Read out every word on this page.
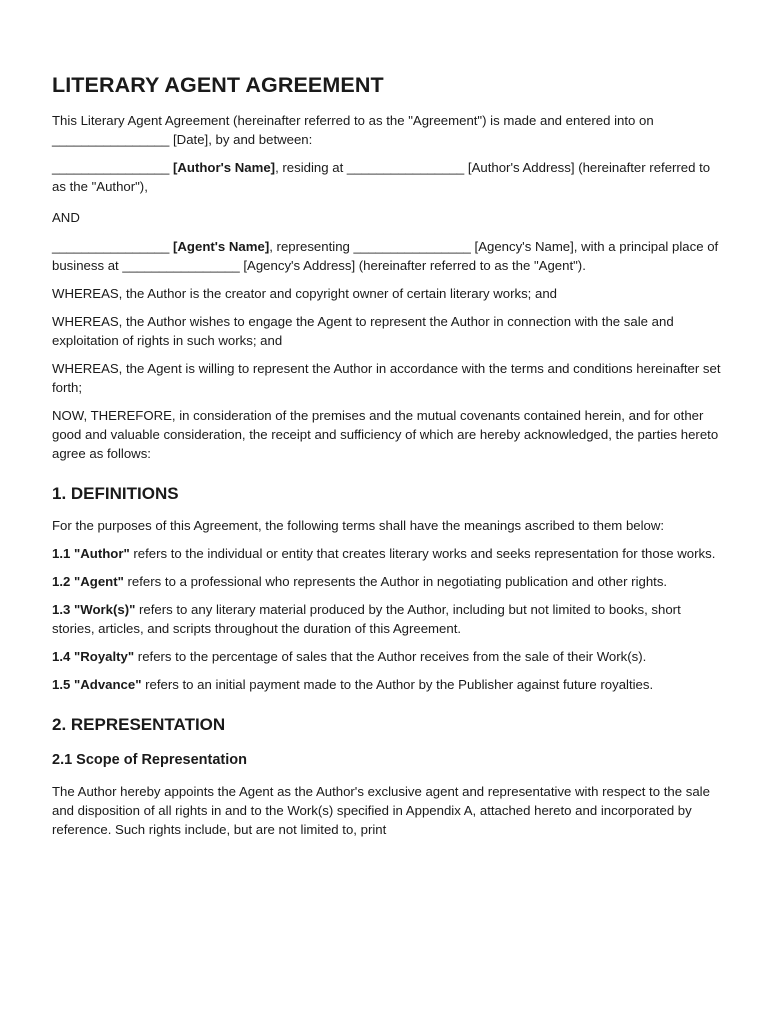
LITERARY AGENT AGREEMENT

This Literary Agent Agreement (hereinafter referred to as the "Agreement") is made and entered into on ________________ [Date], by and between:

________________ [Author's Name], residing at ________________ [Author's Address] (hereinafter referred to as the "Author"),

AND

________________ [Agent's Name], representing ________________ [Agency's Name], with a principal place of business at ________________ [Agency's Address] (hereinafter referred to as the "Agent").

WHEREAS, the Author is the creator and copyright owner of certain literary works; and

WHEREAS, the Author wishes to engage the Agent to represent the Author in connection with the sale and exploitation of rights in such works; and

WHEREAS, the Agent is willing to represent the Author in accordance with the terms and conditions hereinafter set forth;

NOW, THEREFORE, in consideration of the premises and the mutual covenants contained herein, and for other good and valuable consideration, the receipt and sufficiency of which are hereby acknowledged, the parties hereto agree as follows:

1. DEFINITIONS

For the purposes of this Agreement, the following terms shall have the meanings ascribed to them below:

1.1 "Author" refers to the individual or entity that creates literary works and seeks representation for those works.

1.2 "Agent" refers to a professional who represents the Author in negotiating publication and other rights.

1.3 "Work(s)" refers to any literary material produced by the Author, including but not limited to books, short stories, articles, and scripts throughout the duration of this Agreement.

1.4 "Royalty" refers to the percentage of sales that the Author receives from the sale of their Work(s).

1.5 "Advance" refers to an initial payment made to the Author by the Publisher against future royalties.

2. REPRESENTATION
2.1 Scope of Representation

The Author hereby appoints the Agent as the Author's exclusive agent and representative with respect to the sale and disposition of all rights in and to the Work(s) specified in Appendix A, attached hereto and incorporated by reference. Such rights include, but are not limited to, print
